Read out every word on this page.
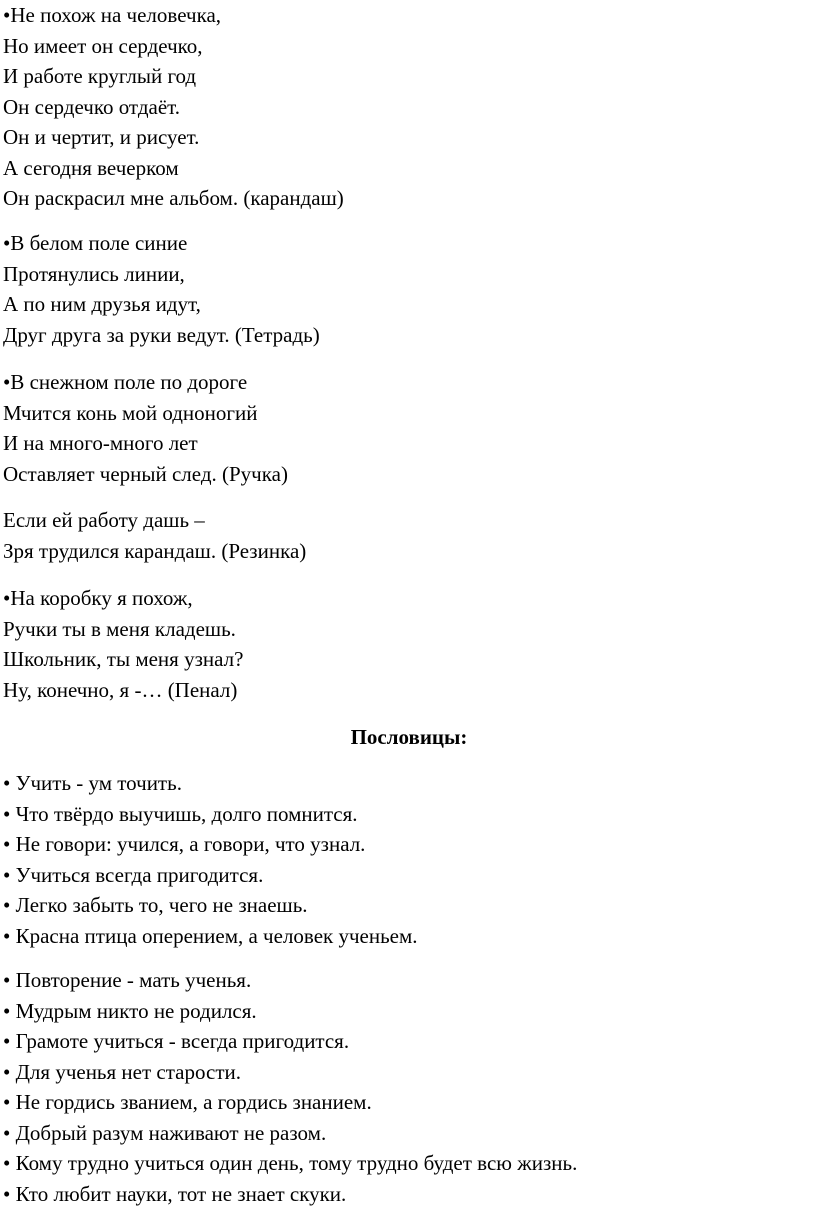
•Не похож на человечка,
Но имеет он сердечко,
И работе круглый год
Он сердечко отдаёт.
Он и чертит, и рисует.
А сегодня вечерком
Он раскрасил мне альбом. (карандаш)
•В белом поле синие
Протянулись линии,
А по ним друзья идут,
Друг друга за руки ведут. (Тетрадь)
•В снежном поле по дороге
Мчится конь мой одноногий
И на много-много лет
Оставляет черный след. (Ручка)
Если ей работу дашь –
Зря трудился карандаш. (Резинка)
•На коробку я похож,
Ручки ты в меня кладешь.
Школьник, ты меня узнал?
Ну, конечно, я -… (Пенал)
Пословицы:
• Учить - ум точить.
• Что твёрдо выучишь, долго помнится.
• Не говори: учился, а говори, что узнал.
• Учиться всегда пригодится.
• Легко забыть то, чего не знаешь.
• Красна птица оперением, а человек ученьем.
• Повторение - мать ученья.
• Мудрым никто не родился.
• Грамоте учиться - всегда пригодится.
• Для ученья нет старости.
• Не гордись званием, а гордись знанием.
• Добрый разум наживают не разом.
• Кому трудно учиться один день, тому трудно будет всю жизнь.
• Кто любит науки, тот не знает скуки.
